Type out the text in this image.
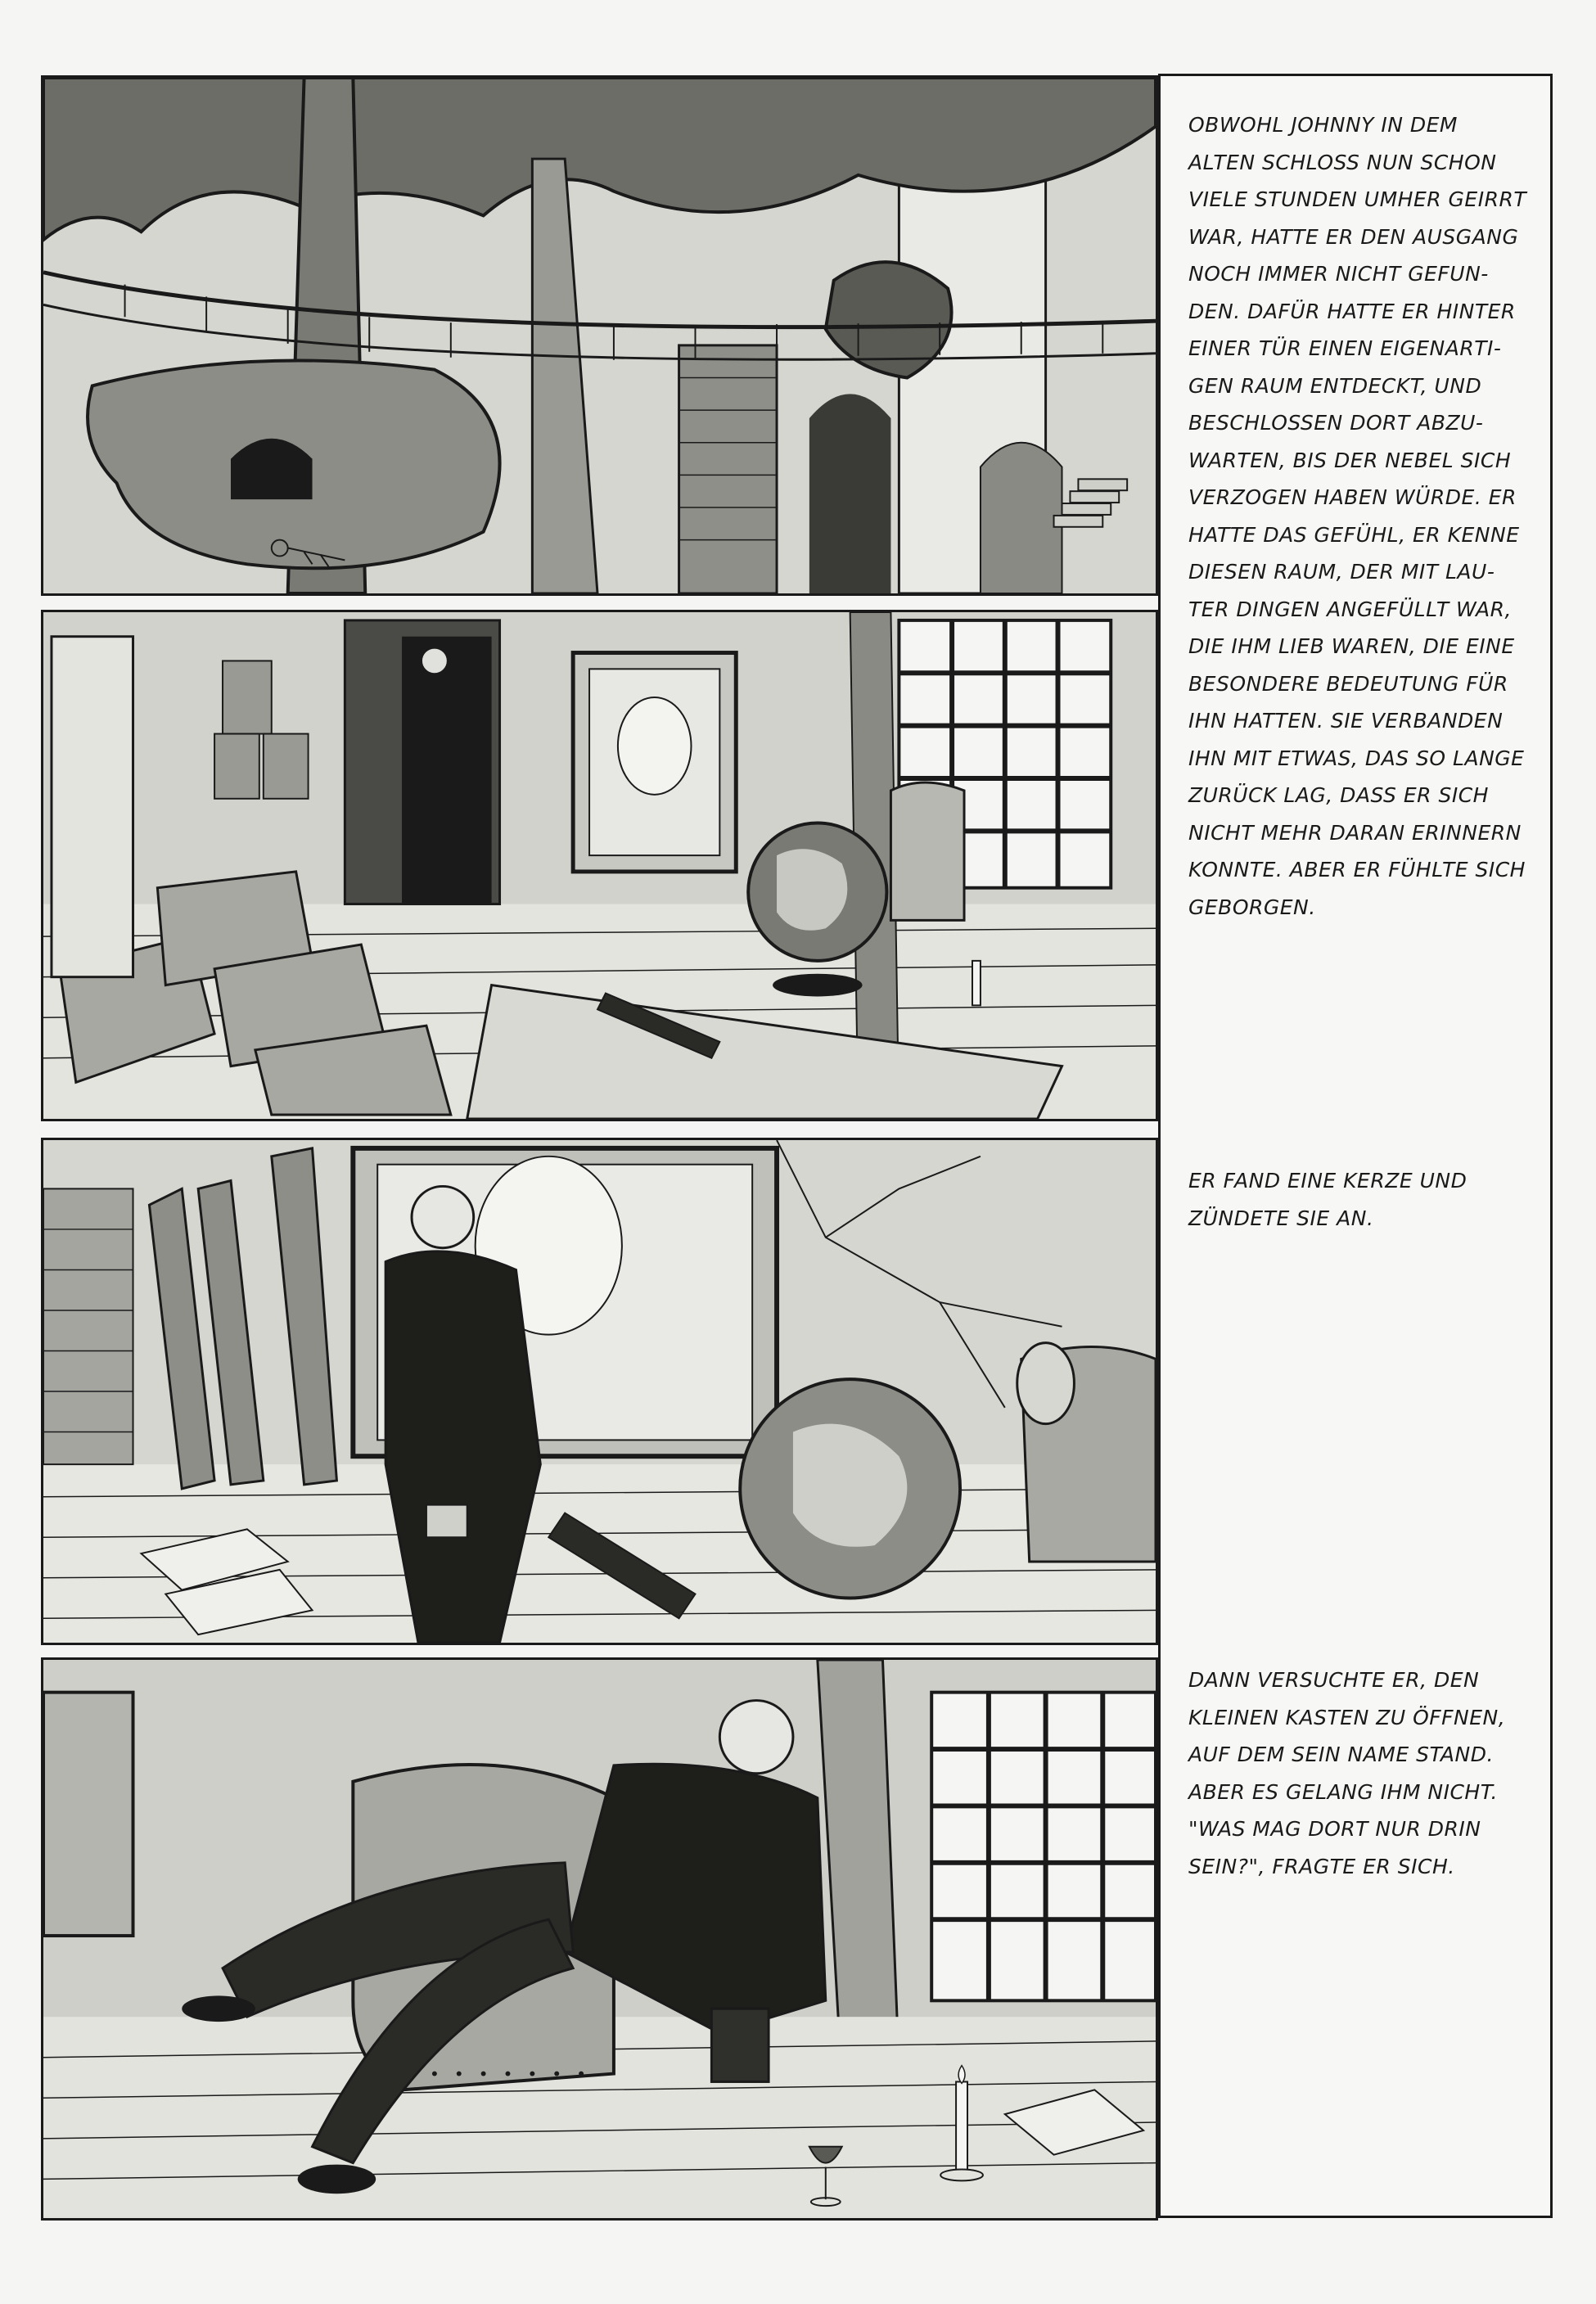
OBWOHL JOHNNY IN DEM
ALTEN SCHLOSS NUN SCHON
VIELE STUNDEN UMHER GEIRRT
WAR, HATTE ER DEN AUSGANG
NOCH IMMER NICHT GEFUN-
DEN. DAFÜR HATTE ER HINTER
EINER TÜR EINEN EIGENARTI-
GEN RAUM ENTDECKT, UND
BESCHLOSSEN DORT ABZU-
WARTEN, BIS DER NEBEL SICH
VERZOGEN HABEN WÜRDE. ER
HATTE DAS GEFÜHL, ER KENNE
DIESEN RAUM, DER MIT LAU-
TER DINGEN ANGEFÜLLT WAR,
DIE IHM LIEB WAREN, DIE EINE
BESONDERE BEDEUTUNG FÜR
IHN HATTEN. SIE VERBANDEN
IHN MIT ETWAS, DAS SO LANGE
ZURÜCK LAG, DASS ER SICH
NICHT MEHR DARAN ERINNERN
KONNTE. ABER ER FÜHLTE SICH
GEBORGEN.
ER FAND EINE KERZE UND
ZÜNDETE SIE AN.
DANN VERSUCHTE ER, DEN
KLEINEN KASTEN ZU ÖFFNEN,
AUF DEM SEIN NAME STAND.
ABER ES GELANG IHM NICHT.
"WAS MAG DORT NUR DRIN
SEIN?", FRAGTE ER SICH.
